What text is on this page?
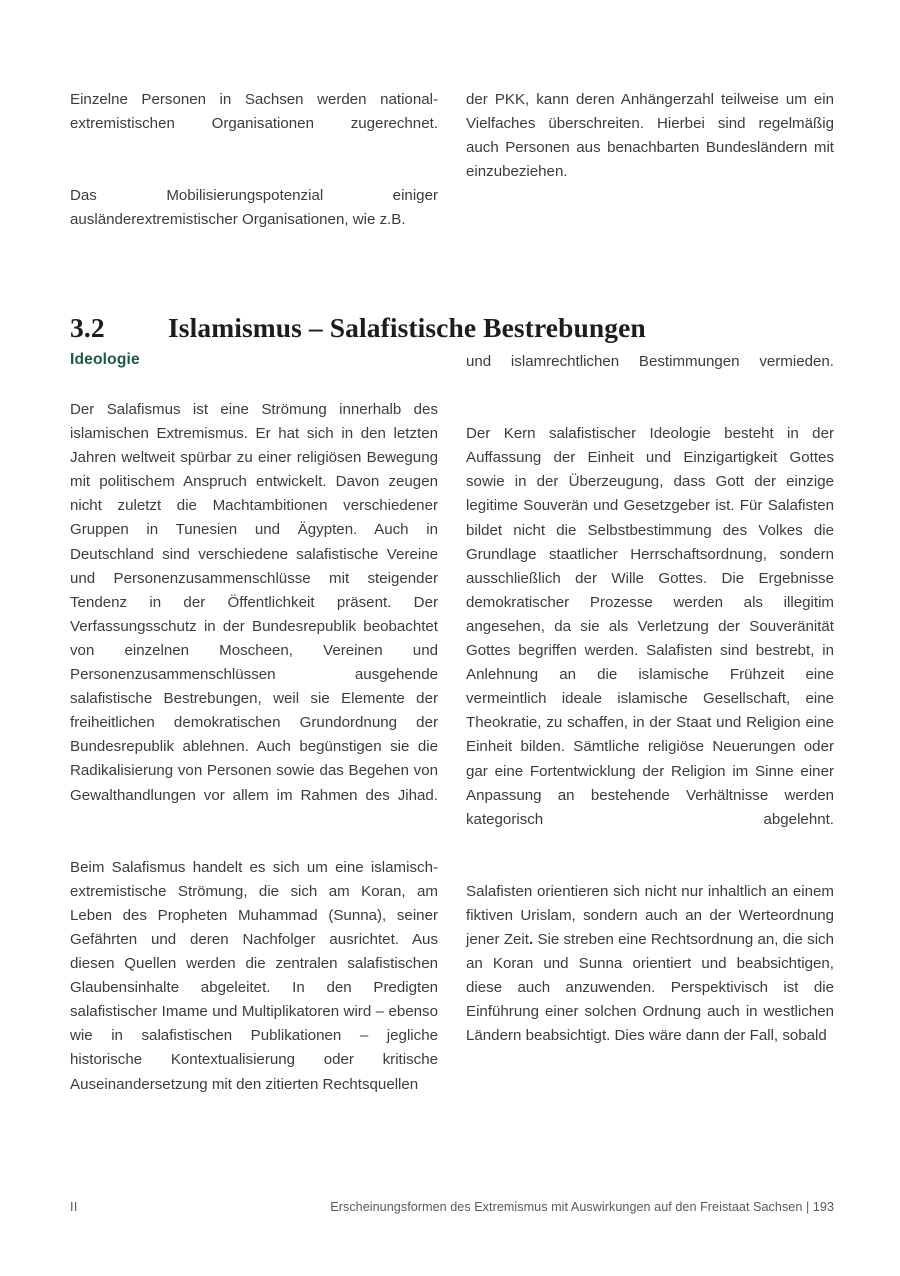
Einzelne Personen in Sachsen werden national-extremistischen Organisationen zugerechnet.

Das Mobilisierungspotenzial einiger ausländerextremistischer Organisationen, wie z.B.

der PKK, kann deren Anhängerzahl teilweise um ein Vielfaches überschreiten. Hierbei sind regelmäßig auch Personen aus benachbarten Bundesländern mit einzubeziehen.

3.2 Islamismus – Salafistische Bestrebungen
Ideologie

Der Salafismus ist eine Strömung innerhalb des islamischen Extremismus. Er hat sich in den letzten Jahren weltweit spürbar zu einer religiösen Bewegung mit politischem Anspruch entwickelt. Davon zeugen nicht zuletzt die Machtambitionen verschiedener Gruppen in Tunesien und Ägypten. Auch in Deutschland sind verschiedene salafistische Vereine und Personenzusammenschlüsse mit steigender Tendenz in der Öffentlichkeit präsent. Der Verfassungsschutz in der Bundesrepublik beobachtet von einzelnen Moscheen, Vereinen und Personenzusammenschlüssen ausgehende salafistische Bestrebungen, weil sie Elemente der freiheitlichen demokratischen Grundordnung der Bundesrepublik ablehnen. Auch begünstigen sie die Radikalisierung von Personen sowie das Begehen von Gewalthandlungen vor allem im Rahmen des Jihad.

Beim Salafismus handelt es sich um eine islamisch-extremistische Strömung, die sich am Koran, am Leben des Propheten Muhammad (Sunna), seiner Gefährten und deren Nachfolger ausrichtet. Aus diesen Quellen werden die zentralen salafistischen Glaubensinhalte abgeleitet. In den Predigten salafistischer Imame und Multiplikatoren wird – ebenso wie in salafistischen Publikationen – jegliche historische Kontextualisierung oder kritische Auseinandersetzung mit den zitierten Rechtsquellen

und islamrechtlichen Bestimmungen vermieden.

Der Kern salafistischer Ideologie besteht in der Auffassung der Einheit und Einzigartigkeit Gottes sowie in der Überzeugung, dass Gott der einzige legitime Souverän und Gesetzgeber ist. Für Salafisten bildet nicht die Selbstbestimmung des Volkes die Grundlage staatlicher Herrschaftsordnung, sondern ausschließlich der Wille Gottes. Die Ergebnisse demokratischer Prozesse werden als illegitim angesehen, da sie als Verletzung der Souveränität Gottes begriffen werden. Salafisten sind bestrebt, in Anlehnung an die islamische Frühzeit eine vermeintlich ideale islamische Gesellschaft, eine Theokratie, zu schaffen, in der Staat und Religion eine Einheit bilden. Sämtliche religiöse Neuerungen oder gar eine Fortentwicklung der Religion im Sinne einer Anpassung an bestehende Verhältnisse werden kategorisch abgelehnt.

Salafisten orientieren sich nicht nur inhaltlich an einem fiktiven Urislam, sondern auch an der Werteordnung jener Zeit. Sie streben eine Rechtsordnung an, die sich an Koran und Sunna orientiert und beabsichtigen, diese auch anzuwenden. Perspektivisch ist die Einführung einer solchen Ordnung auch in westlichen Ländern beabsichtigt. Dies wäre dann der Fall, sobald

II	Erscheinungsformen des Extremismus mit Auswirkungen auf den Freistaat Sachsen | 193
